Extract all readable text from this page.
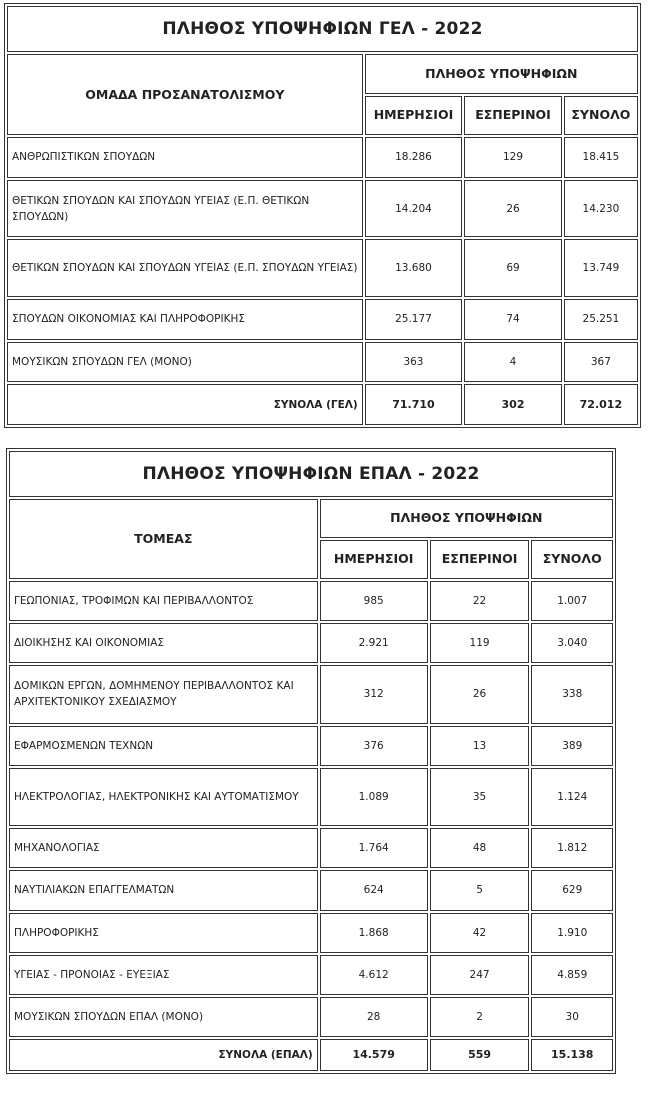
ΠΛΗΘΟΣ ΥΠΟΨΗΦΙΩΝ ΓΕΛ - 2022			
ΟΜΑΔΑ ΠΡΟΣΑΝΑΤΟΛΙΣΜΟΥ	ΠΛΗΘΟΣ ΥΠΟΨΗΦΙΩΝ		
	ΗΜΕΡΗΣΙΟΙ	ΕΣΠΕΡΙΝΟΙ	ΣΥΝΟΛΟ
ΑΝΘΡΩΠΙΣΤΙΚΩΝ ΣΠΟΥΔΩΝ	18.286	129	18.415
ΘΕΤΙΚΩΝ ΣΠΟΥΔΩΝ ΚΑΙ ΣΠΟΥΔΩΝ ΥΓΕΙΑΣ (Ε.Π. ΘΕΤΙΚΩΝ ΣΠΟΥΔΩΝ)	14.204	26	14.230
ΘΕΤΙΚΩΝ ΣΠΟΥΔΩΝ ΚΑΙ ΣΠΟΥΔΩΝ ΥΓΕΙΑΣ (Ε.Π. ΣΠΟΥΔΩΝ ΥΓΕΙΑΣ)	13.680	69	13.749
ΣΠΟΥΔΩΝ ΟΙΚΟΝΟΜΙΑΣ ΚΑΙ ΠΛΗΡΟΦΟΡΙΚΗΣ	25.177	74	25.251
ΜΟΥΣΙΚΩΝ ΣΠΟΥΔΩΝ ΓΕΛ (ΜΟΝΟ)	363	4	367
ΣΥΝΟΛΑ (ΓΕΛ)	71.710	302	72.012
ΠΛΗΘΟΣ ΥΠΟΨΗΦΙΩΝ ΕΠΑΛ - 2022			
ΤΟΜΕΑΣ	ΠΛΗΘΟΣ ΥΠΟΨΗΦΙΩΝ		
	ΗΜΕΡΗΣΙΟΙ	ΕΣΠΕΡΙΝΟΙ	ΣΥΝΟΛΟ
ΓΕΩΠΟΝΙΑΣ, ΤΡΟΦΙΜΩΝ ΚΑΙ ΠΕΡΙΒΑΛΛΟΝΤΟΣ	985	22	1.007
ΔΙΟΙΚΗΣΗΣ ΚΑΙ ΟΙΚΟΝΟΜΙΑΣ	2.921	119	3.040
ΔΟΜΙΚΩΝ ΕΡΓΩΝ, ΔΟΜΗΜΕΝΟΥ ΠΕΡΙΒΑΛΛΟΝΤΟΣ ΚΑΙ ΑΡΧΙΤΕΚΤΟΝΙΚΟΥ ΣΧΕΔΙΑΣΜΟΥ	312	26	338
ΕΦΑΡΜΟΣΜΕΝΩΝ ΤΕΧΝΩΝ	376	13	389
ΗΛΕΚΤΡΟΛΟΓΙΑΣ, ΗΛΕΚΤΡΟΝΙΚΗΣ ΚΑΙ ΑΥΤΟΜΑΤΙΣΜΟΥ	1.089	35	1.124
ΜΗΧΑΝΟΛΟΓΙΑΣ	1.764	48	1.812
ΝΑΥΤΙΛΙΑΚΩΝ ΕΠΑΓΓΕΛΜΑΤΩΝ	624	5	629
ΠΛΗΡΟΦΟΡΙΚΗΣ	1.868	42	1.910
ΥΓΕΙΑΣ - ΠΡΟΝΟΙΑΣ - ΕΥΕΞΙΑΣ	4.612	247	4.859
ΜΟΥΣΙΚΩΝ ΣΠΟΥΔΩΝ ΕΠΑΛ (ΜΟΝΟ)	28	2	30
ΣΥΝΟΛΑ (ΕΠΑΛ)	14.579	559	15.138
